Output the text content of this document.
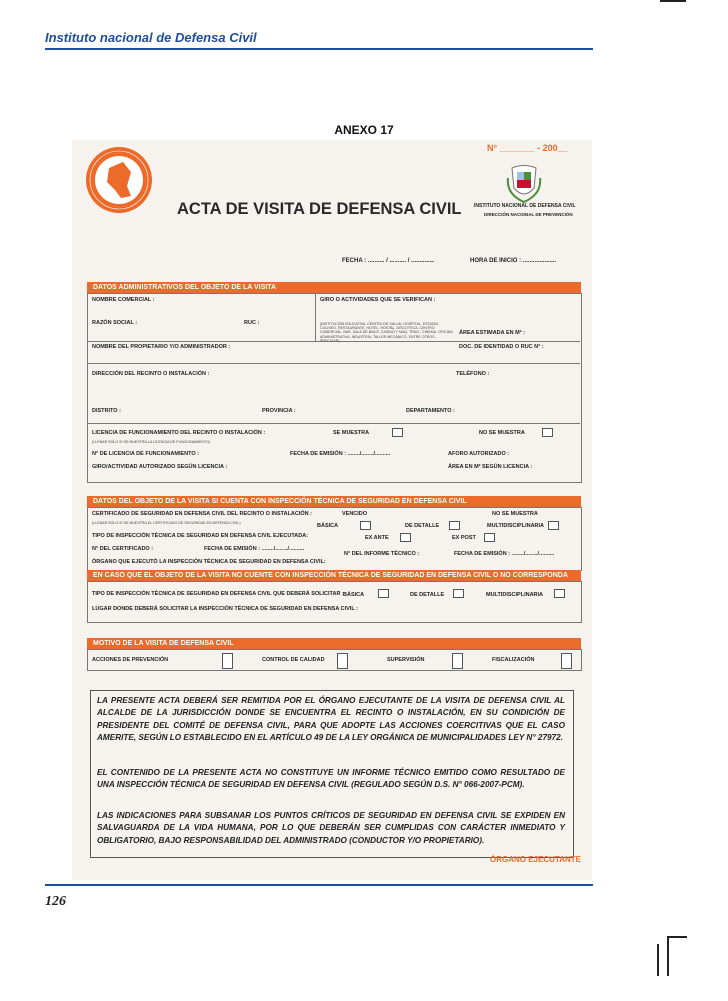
Instituto nacional de Defensa Civil
ANEXO 17
N° _______ - 200__
ACTA DE VISITA DE DEFENSA CIVIL	INSTITUTO NACIONAL DE DEFENSA CIVIL
DIRECCIÓN NACIONAL DE PREVENCIÓN
FECHA : .......... / .......... / ..............	HORA DE INICIO : ....................
DATOS ADMINISTRATIVOS DEL OBJETO DE LA VISITA
NOMBRE COMERCIAL :	GIRO O ACTIVIDADES QUE SE VERIFICAN :
RAZÓN SOCIAL :	RUC :	(INSTITUCIÓN EDUCATIVA, CENTRO DE SALUD, HOSPITAL, ESTADIO, COLISEO, RESTAURANTE, HOTEL, HOSTAL, DISCOTECA, CENTRO COMERCIAL, BAR, SALA DE BAILE, CASINO Y MAQ. TRAG., CINEMA, OFICINA ADMINISTRATIVA, INDUSTRIA, TALLER MECÁNICO, ENTRE OTROS - PRECISAR)
ÁREA ESTIMADA EN M² :
NOMBRE DEL PROPIETARIO Y/O ADMINISTRADOR :	DOC. DE IDENTIDAD O RUC N° :
DIRECCIÓN DEL RECINTO O INSTALACIÓN :	TELÉFONO :
DISTRITO :	PROVINCIA :	DEPARTAMENTO :
LICENCIA DE FUNCIONAMIENTO DEL RECINTO O INSTALACIÓN :	SE MUESTRA	NO SE MUESTRA
(LLENAR SÓLO SI SE MUESTRA LA LICENCIA DE FUNCIONAMIENTO)
N° DE LICENCIA DE FUNCIONAMIENTO :	FECHA DE EMISIÓN : ......../......../..........	AFORO AUTORIZADO :
GIRO/ACTIVIDAD AUTORIZADO SEGÚN LICENCIA :	ÁREA EN M² SEGÚN LICENCIA :
DATOS DEL OBJETO DE LA VISITA SI CUENTA CON INSPECCIÓN TÉCNICA DE SEGURIDAD EN DEFENSA CIVIL
CERTIFICADO DE SEGURIDAD EN DEFENSA CIVIL DEL RECINTO O INSTALACIÓN :	VENCIDO	NO SE MUESTRA
(LLENAR SÓLO SI SE MUESTRA EL CERTIFICADO DE SEGURIDAD EN DEFENSA CIVIL)	BÁSICA	DE DETALLE	MULTIDISCIPLINARIA
TIPO DE INSPECCIÓN TÉCNICA DE SEGURIDAD EN DEFENSA CIVIL EJECUTADA:	EX ANTE	EX POST
N° DEL CERTIFICADO :	FECHA DE EMISIÓN : ......../......../..........
N° DEL INFORME TÉCNICO :	FECHA DE EMISIÓN : ......../......../..........
ÓRGANO QUE EJECUTÓ LA INSPECCIÓN TÉCNICA DE SEGURIDAD EN DEFENSA CIVIL:
EN CASO QUE EL OBJETO DE LA VISITA NO CUENTE CON INSPECCIÓN TÉCNICA DE SEGURIDAD EN DEFENSA CIVIL O NO CORRESPONDA
TIPO DE INSPECCIÓN TÉCNICA DE SEGURIDAD EN DEFENSA CIVIL QUE DEBERÁ SOLICITAR : BÁSICA	DE DETALLE	MULTIDISCIPLINARIA
LUGAR DONDE DEBERÁ SOLICITAR LA INSPECCIÓN TÉCNICA DE SEGURIDAD EN DEFENSA CIVIL :
MOTIVO DE LA VISITA DE DEFENSA CIVIL
ACCIONES DE PREVENCIÓN	CONTROL DE CALIDAD	SUPERVISIÓN	FISCALIZACIÓN
LA PRESENTE ACTA DEBERÁ SER REMITIDA POR EL ÓRGANO EJECUTANTE DE LA VISITA DE DEFENSA CIVIL AL ALCALDE DE LA JURISDICCIÓN DONDE SE ENCUENTRA EL RECINTO O INSTALACIÓN, EN SU CONDICIÓN DE PRESIDENTE DEL COMITÉ DE DEFENSA CIVIL, PARA QUE ADOPTE LAS ACCIONES COERCITIVAS QUE EL CASO AMERITE, SEGÚN LO ESTABLECIDO EN EL ARTÍCULO 49 DE LA LEY ORGÁNICA DE MUNICIPALIDADES LEY N° 27972.
EL CONTENIDO DE LA PRESENTE ACTA NO CONSTITUYE UN INFORME TÉCNICO EMITIDO COMO RESULTADO DE UNA INSPECCIÓN TÉCNICA DE SEGURIDAD EN DEFENSA CIVIL (REGULADO SEGÚN D.S. N° 066-2007-PCM).
LAS INDICACIONES PARA SUBSANAR LOS PUNTOS CRÍTICOS DE SEGURIDAD EN DEFENSA CIVIL SE EXPIDEN EN SALVAGUARDA DE LA VIDA HUMANA, POR LO QUE DEBERÁN SER CUMPLIDAS CON CARÁCTER INMEDIATO Y OBLIGATORIO, BAJO RESPONSABILIDAD DEL ADMINISTRADO (CONDUCTOR Y/O PROPIETARIO).
ÓRGANO EJECUTANTE
126
